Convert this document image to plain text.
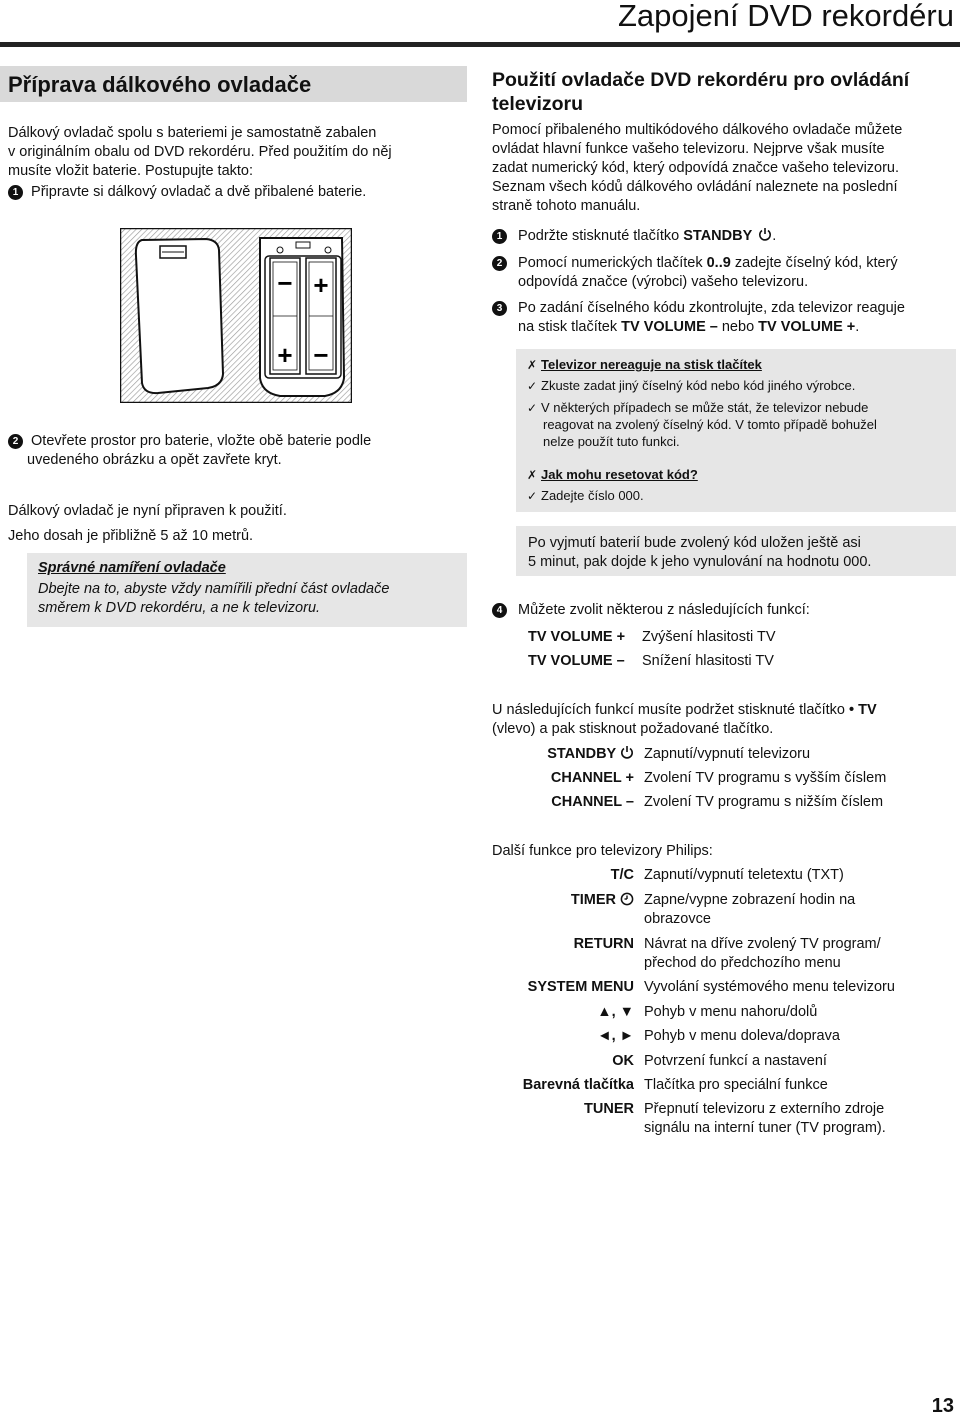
Zapojení DVD rekordéru
Příprava dálkového ovladače
Dálkový ovladač spolu s bateriemi je samostatně zabalen
v originálním obalu od DVD rekordéru. Před použitím do něj
musíte vložit baterie. Postupujte takto:
1 Připravte si dálkový ovladač a dvě přibalené baterie.
−
+
+
−
2 Otevřete prostor pro baterie, vložte obě baterie podle
uvedeného obrázku a opět zavřete kryt.
Dálkový ovladač je nyní připraven k použití.
Jeho dosah je přibližně 5 až 10 metrů.
Správné namíření ovladače
Dbejte na to, abyste vždy namířili přední část ovladače
směrem k DVD rekordéru, a ne k televizoru.
Použití ovladače DVD rekordéru pro ovládání
televizoru
Pomocí přibaleného multikódového dálkového ovladače můžete
ovládat hlavní funkce vašeho televizoru. Nejprve však musíte
zadat numerický kód, který odpovídá značce vašeho televizoru.
Seznam všech kódů dálkového ovládání naleznete na poslední
straně tohoto manuálu.
1 Podržte stisknuté tlačítko STANDBY .
2 Pomocí numerických tlačítek 0..9 zadejte číselný kód, který
odpovídá značce (výrobci) vašeho televizoru.
3 Po zadání číselného kódu zkontrolujte, zda televizor reaguje
na stisk tlačítek TV VOLUME – nebo TV VOLUME +.
✗ Televizor nereaguje na stisk tlačítek
✓ Zkuste zadat jiný číselný kód nebo kód jiného výrobce.
✓ V některých případech se může stát, že televizor nebude
reagovat na zvolený číselný kód. V tomto případě bohužel
nelze použít tuto funkci.
✗ Jak mohu resetovat kód?
✓ Zadejte číslo 000.
Po vyjmutí baterií bude zvolený kód uložen ještě asi
5 minut, pak dojde k jeho vynulování na hodnotu 000.
4 Můžete zvolit některou z následujících funkcí:
TV VOLUME + Zvýšení hlasitosti TV
TV VOLUME – Snížení hlasitosti TV
U následujících funkcí musíte podržet stisknuté tlačítko • TV
(vlevo) a pak stisknout požadované tlačítko.
STANDBY	Zapnutí/vypnutí televizoru
CHANNEL + Zvolení TV programu s vyšším číslem
CHANNEL – Zvolení TV programu s nižším číslem
Další funkce pro televizory Philips:
T/C Zapnutí/vypnutí teletextu (TXT)
TIMER	Zapne/vypne zobrazení hodin na
obrazovce
RETURN Návrat na dříve zvolený TV program/
přechod do předchozího menu
SYSTEM MENU Vyvolání systémového menu televizoru
▲, ▼ Pohyb v menu nahoru/dolů
◄, ► Pohyb v menu doleva/doprava
OK Potvrzení funkcí a nastavení
Barevná tlačítka Tlačítka pro speciální funkce
TUNER Přepnutí televizoru z externího zdroje
signálu na interní tuner (TV program).
13
